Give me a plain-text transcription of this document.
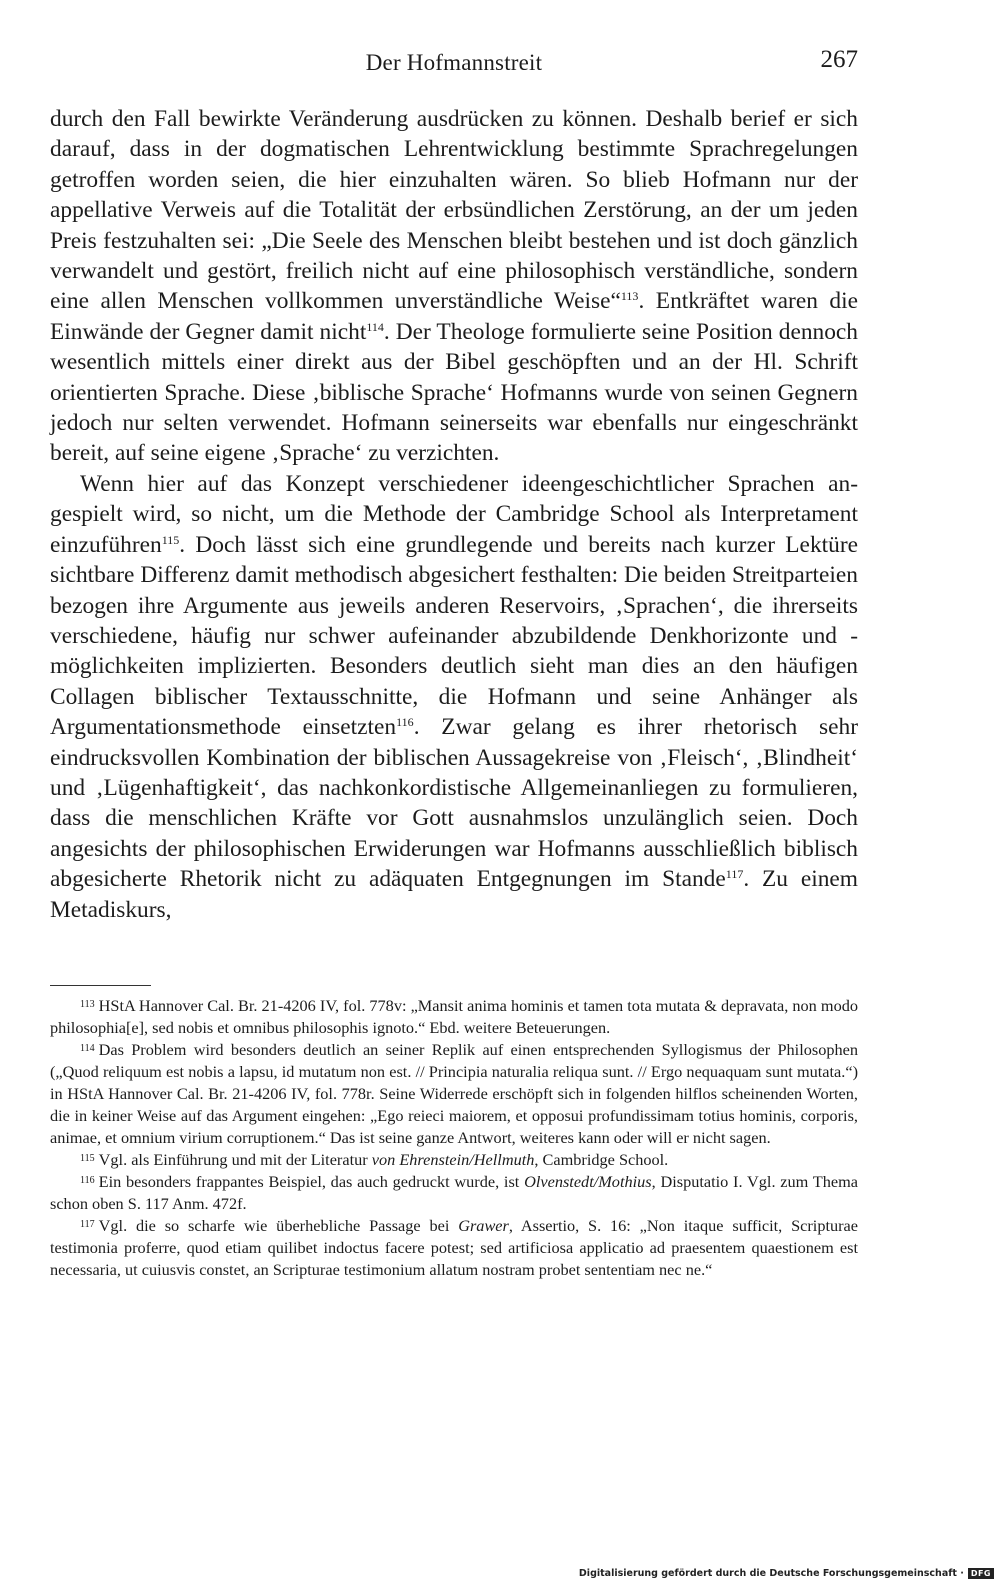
Der Hofmannstreit	267

durch den Fall bewirkte Veränderung ausdrücken zu können. Deshalb berief er sich darauf, dass in der dogmatischen Lehrentwicklung bestimmte Sprachregelungen getroffen worden seien, die hier einzuhalten wären. So blieb Hofmann nur der appellative Verweis auf die Totalität der erbsündlichen Zerstörung, an der um jeden Preis festzuhalten sei: „Die Seele des Menschen bleibt bestehen und ist doch gänzlich verwandelt und gestört, freilich nicht auf eine philosophisch verständliche, sondern eine allen Menschen vollkommen unverständliche Weise“$^{113}$. Entkräftet waren die Einwände der Gegner damit nicht$^{114}$. Der Theologe formulierte seine Position dennoch wesentlich mittels einer direkt aus der Bibel geschöpften und an der Hl. Schrift orientierten Sprache. Diese ‚biblische Sprache‘ Hofmanns wurde von seinen Gegnern jedoch nur selten verwendet. Hofmann seinerseits war ebenfalls nur eingeschränkt bereit, auf seine eigene ‚Sprache‘ zu verzichten.

Wenn hier auf das Konzept verschiedener ideengeschichtlicher Sprachen angespielt wird, so nicht, um die Methode der Cambridge School als Interpretament einzuführen$^{115}$. Doch lässt sich eine grundlegende und bereits nach kurzer Lektüre sichtbare Differenz damit methodisch abgesichert festhalten: Die beiden Streitparteien bezogen ihre Argumente aus jeweils anderen Reservoirs, ‚Sprachen‘, die ihrerseits verschiedene, häufig nur schwer aufeinander abzubildende Denkhorizonte und -möglichkeiten implizierten. Besonders deutlich sieht man dies an den häufigen Collagen biblischer Textausschnitte, die Hofmann und seine Anhänger als Argumentationsmethode einsetzten$^{116}$. Zwar gelang es ihrer rhetorisch sehr eindrucksvollen Kombination der biblischen Aussagekreise von ‚Fleisch‘, ‚Blindheit‘ und ‚Lügenhaftigkeit‘, das nachkonkordistische Allgemeinanliegen zu formulieren, dass die menschlichen Kräfte vor Gott ausnahmslos unzulänglich seien. Doch angesichts der philosophischen Erwiderungen war Hofmanns ausschließlich biblisch abgesicherte Rhetorik nicht zu adäquaten Entgegnungen im Stande$^{117}$. Zu einem Metadiskurs,

$^{113}$ HStA Hannover Cal. Br. 21-4206 IV, fol. 778v: „Mansit anima hominis et tamen tota mutata & depravata, non modo philosophia[e], sed nobis et omnibus philosophis ignoto.“ Ebd. weitere Beteuerungen.

$^{114}$ Das Problem wird besonders deutlich an seiner Replik auf einen entsprechenden Syllogismus der Philosophen („Quod reliquum est nobis a lapsu, id mutatum non est. // Principia naturalia reliqua sunt. // Ergo nequaquam sunt mutata.“) in HStA Hannover Cal. Br. 21-4206 IV, fol. 778r. Seine Widerrede erschöpft sich in folgenden hilflos scheinenden Worten, die in keiner Weise auf das Argument eingehen: „Ego reieci maiorem, et opposui profundissimam totius hominis, corporis, animae, et omnium virium corruptionem.“ Das ist seine ganze Antwort, weiteres kann oder will er nicht sagen.

$^{115}$ Vgl. als Einführung und mit der Literatur von Ehrenstein/Hellmuth, Cambridge School.

$^{116}$ Ein besonders frappantes Beispiel, das auch gedruckt wurde, ist Olvenstedt/Mothius, Disputatio I. Vgl. zum Thema schon oben S. 117 Anm. 472f.

$^{117}$ Vgl. die so scharfe wie überhebliche Passage bei Grawer, Assertio, S. 16: „Non itaque sufficit, Scripturae testimonia proferre, quod etiam quilibet indoctus facere potest; sed artificiosa applicatio ad praesentem quaestionem est necessaria, ut cuiusvis constet, an Scripturae testimonium allatum nostram probet sententiam nec ne.“

Digitalisierung gefördert durch die Deutsche Forschungsgemeinschaft · DFG
